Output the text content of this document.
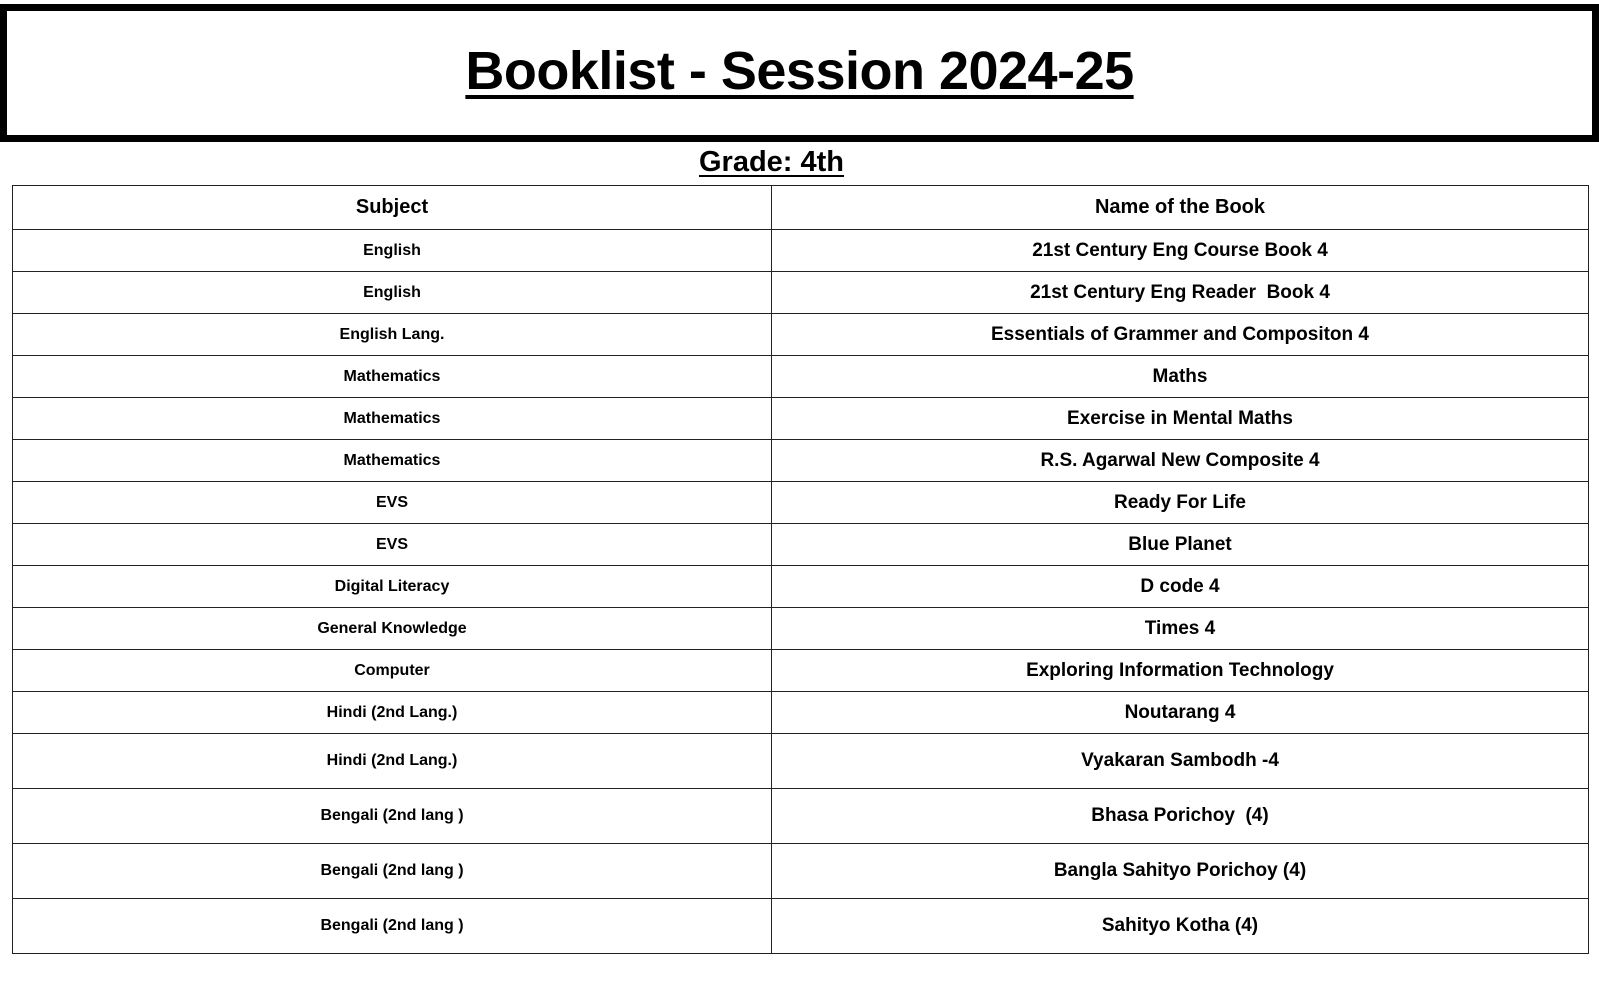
Booklist - Session 2024-25
Grade: 4th
Subject	Name of the Book
English	21st Century Eng Course Book 4
English	21st Century Eng Reader  Book 4
English Lang.	Essentials of Grammer and Compositon 4
Mathematics	Maths
Mathematics	Exercise in Mental Maths
Mathematics	R.S. Agarwal New Composite 4
EVS	Ready For Life
EVS	Blue Planet
Digital Literacy	D code 4
General Knowledge	Times 4
Computer	Exploring Information Technology
Hindi (2nd Lang.)	Noutarang 4
Hindi (2nd Lang.)	Vyakaran Sambodh -4
Bengali (2nd lang )	Bhasa Porichoy  (4)
Bengali (2nd lang )	Bangla Sahityo Porichoy (4)
Bengali (2nd lang )	Sahityo Kotha (4)
